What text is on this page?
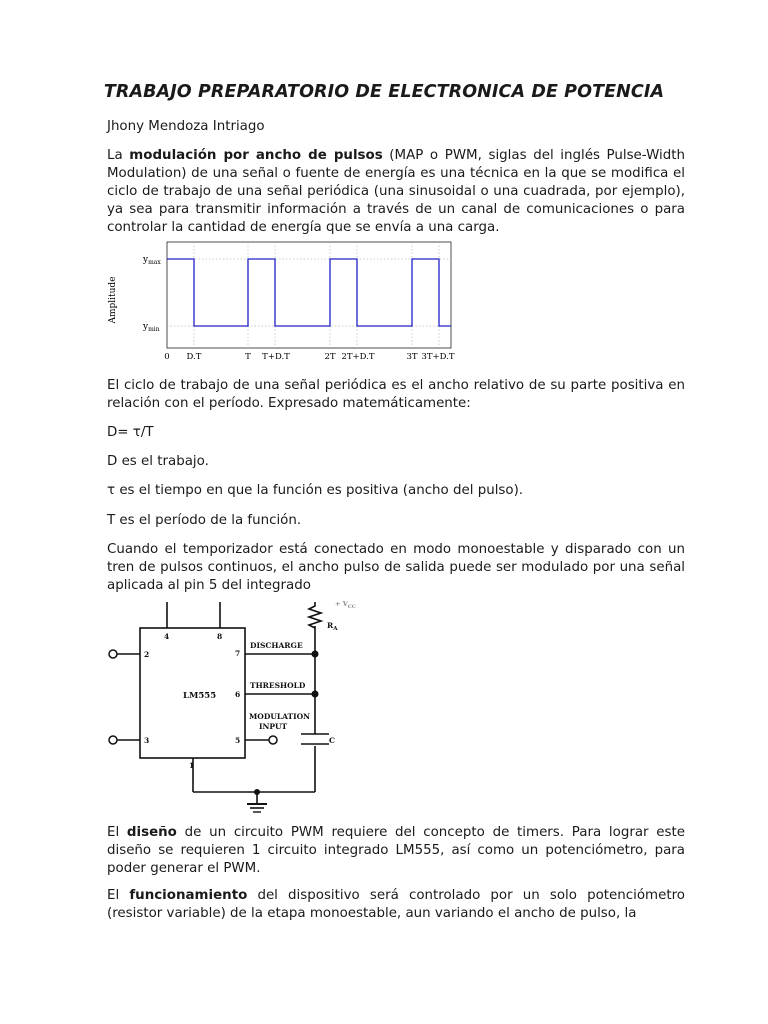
TRABAJO PREPARATORIO DE ELECTRONICA DE POTENCIA

Jhony Mendoza Intriago

La modulación por ancho de pulsos (MAP o PWM, siglas del inglés Pulse-Width Modulation) de una señal o fuente de energía es una técnica en la que se modifica el ciclo de trabajo de una señal periódica (una sinusoidal o una cuadrada, por ejemplo), ya sea para transmitir información a través de un canal de comunicaciones o para controlar la cantidad de energía que se envía a una carga.

Amplitude
$y_{max}$
$y_{min}$
0 D.T	T T+D.T	2T 2T+D.T	3T 3T+D.T

El ciclo de trabajo de una señal periódica es el ancho relativo de su parte positiva en relación con el período. Expresado matemáticamente:

D= τ/T

D es el trabajo.

τ es el tiempo en que la función es positiva (ancho del pulso).

T es el período de la función.

Cuando el temporizador está conectado en modo monoestable y disparado con un tren de pulsos continuos, el ancho pulso de salida puede ser modulado por una señal aplicada al pin 5 del integrado

4	8
2
3
7
6
5
1
LM555
DISCHARGE
THRESHOLD
MODULATION
INPUT
C
$R_A$
+ $V_{CC}$

El diseño de un circuito PWM requiere del concepto de timers. Para lograr este diseño se requieren 1 circuito integrado LM555, así como un potenciómetro, para poder generar el PWM.

El funcionamiento del dispositivo será controlado por un solo potenciómetro (resistor variable) de la etapa monoestable, aun variando el ancho de pulso, la
